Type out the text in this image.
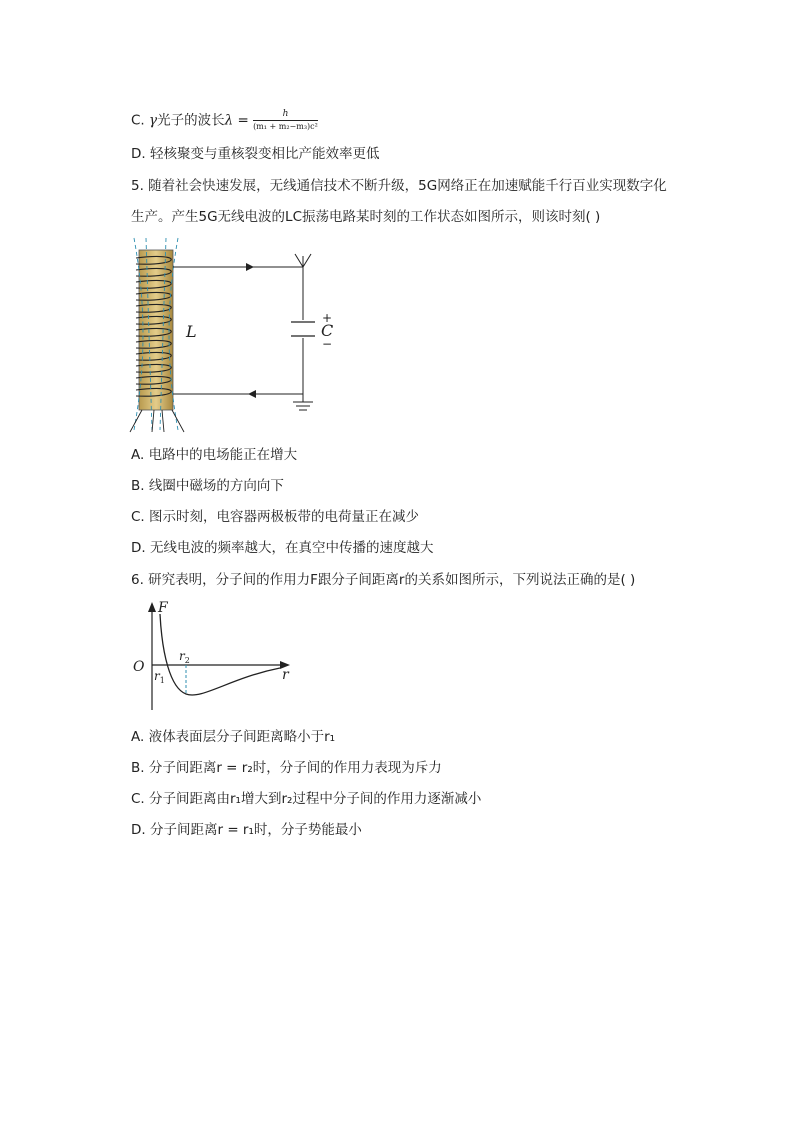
C. γ光子的波长$\lambda = \frac{h}{\text{(m₁ + m₂−m₃)c²}}$
D. 轻核聚变与重核裂变相比产能效率更低
5. 随着社会快速发展，无线通信技术不断升级，5G网络正在加速赋能千行百业实现数字化
生产。产生5G无线电波的LC振荡电路某时刻的工作状态如图所示，则该时刻( )
L
+
C
−
A. 电路中的电场能正在增大
B. 线圈中磁场的方向向下
C. 图示时刻，电容器两极板带的电荷量正在减少
D. 无线电波的频率越大，在真空中传播的速度越大
6. 研究表明，分子间的作用力F跟分子间距离r的关系如图所示，下列说法正确的是( )
F
r
O
$r_1$
$r_2$
A. 液体表面层分子间距离略小于r₁
B. 分子间距离r = r₂时，分子间的作用力表现为斥力
C. 分子间距离由r₁增大到r₂过程中分子间的作用力逐渐减小
D. 分子间距离r = r₁时，分子势能最小
